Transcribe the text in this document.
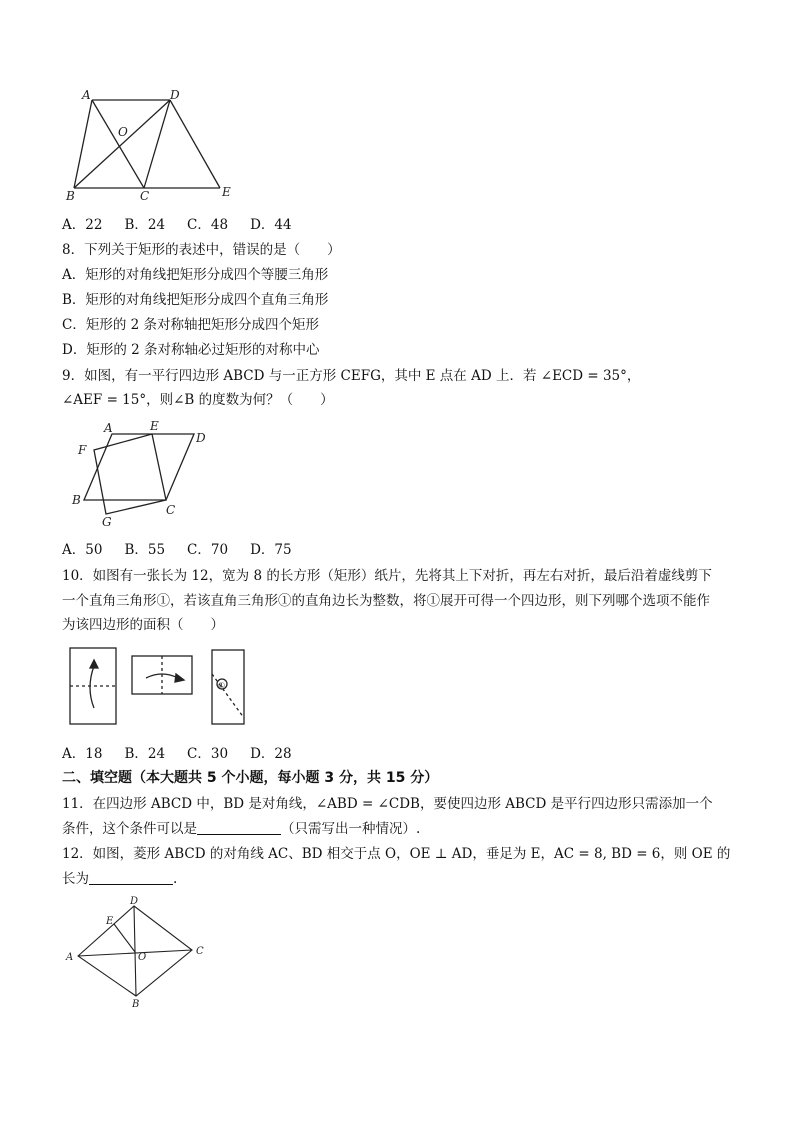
A	D
O
B	C	E
A．22 B．24 C．48 D．44
8．下列关于矩形的表述中，错误的是（　　）
A．矩形的对角线把矩形分成四个等腰三角形
B．矩形的对角线把矩形分成四个直角三角形
C．矩形的 2 条对称轴把矩形分成四个矩形
D．矩形的 2 条对称轴必过矩形的对称中心
9．如图，有一平行四边形 ABCD 与一正方形 CEFG，其中 E 点在 AD 上．若 ∠ECD = 35°，
∠AEF = 15°，则∠B 的度数为何？（　　）
A	E
D
F
B
C
G
A．50 B．55 C．70 D．75
10．如图有一张长为 12，宽为 8 的长方形（矩形）纸片，先将其上下对折，再左右对折，最后沿着虚线剪下
一个直角三角形①，若该直角三角形①的直角边长为整数，将①展开可得一个四边形，则下列哪个选项不能作
为该四边形的面积（　　）
①
A．18 B．24 C．30 D．28
二、填空题（本大题共 5 个小题，每小题 3 分，共 15 分）
11．在四边形 ABCD 中，BD 是对角线，∠ABD = ∠CDB，要使四边形 ABCD 是平行四边形只需添加一个
条件，这个条件可以是	（只需写出一种情况）.
12．如图，菱形 ABCD 的对角线 AC、BD 相交于点 O，OE ⊥ AD，垂足为 E，AC = 8, BD = 6，则 OE 的
长为	.
A
D
E
O
C
B
